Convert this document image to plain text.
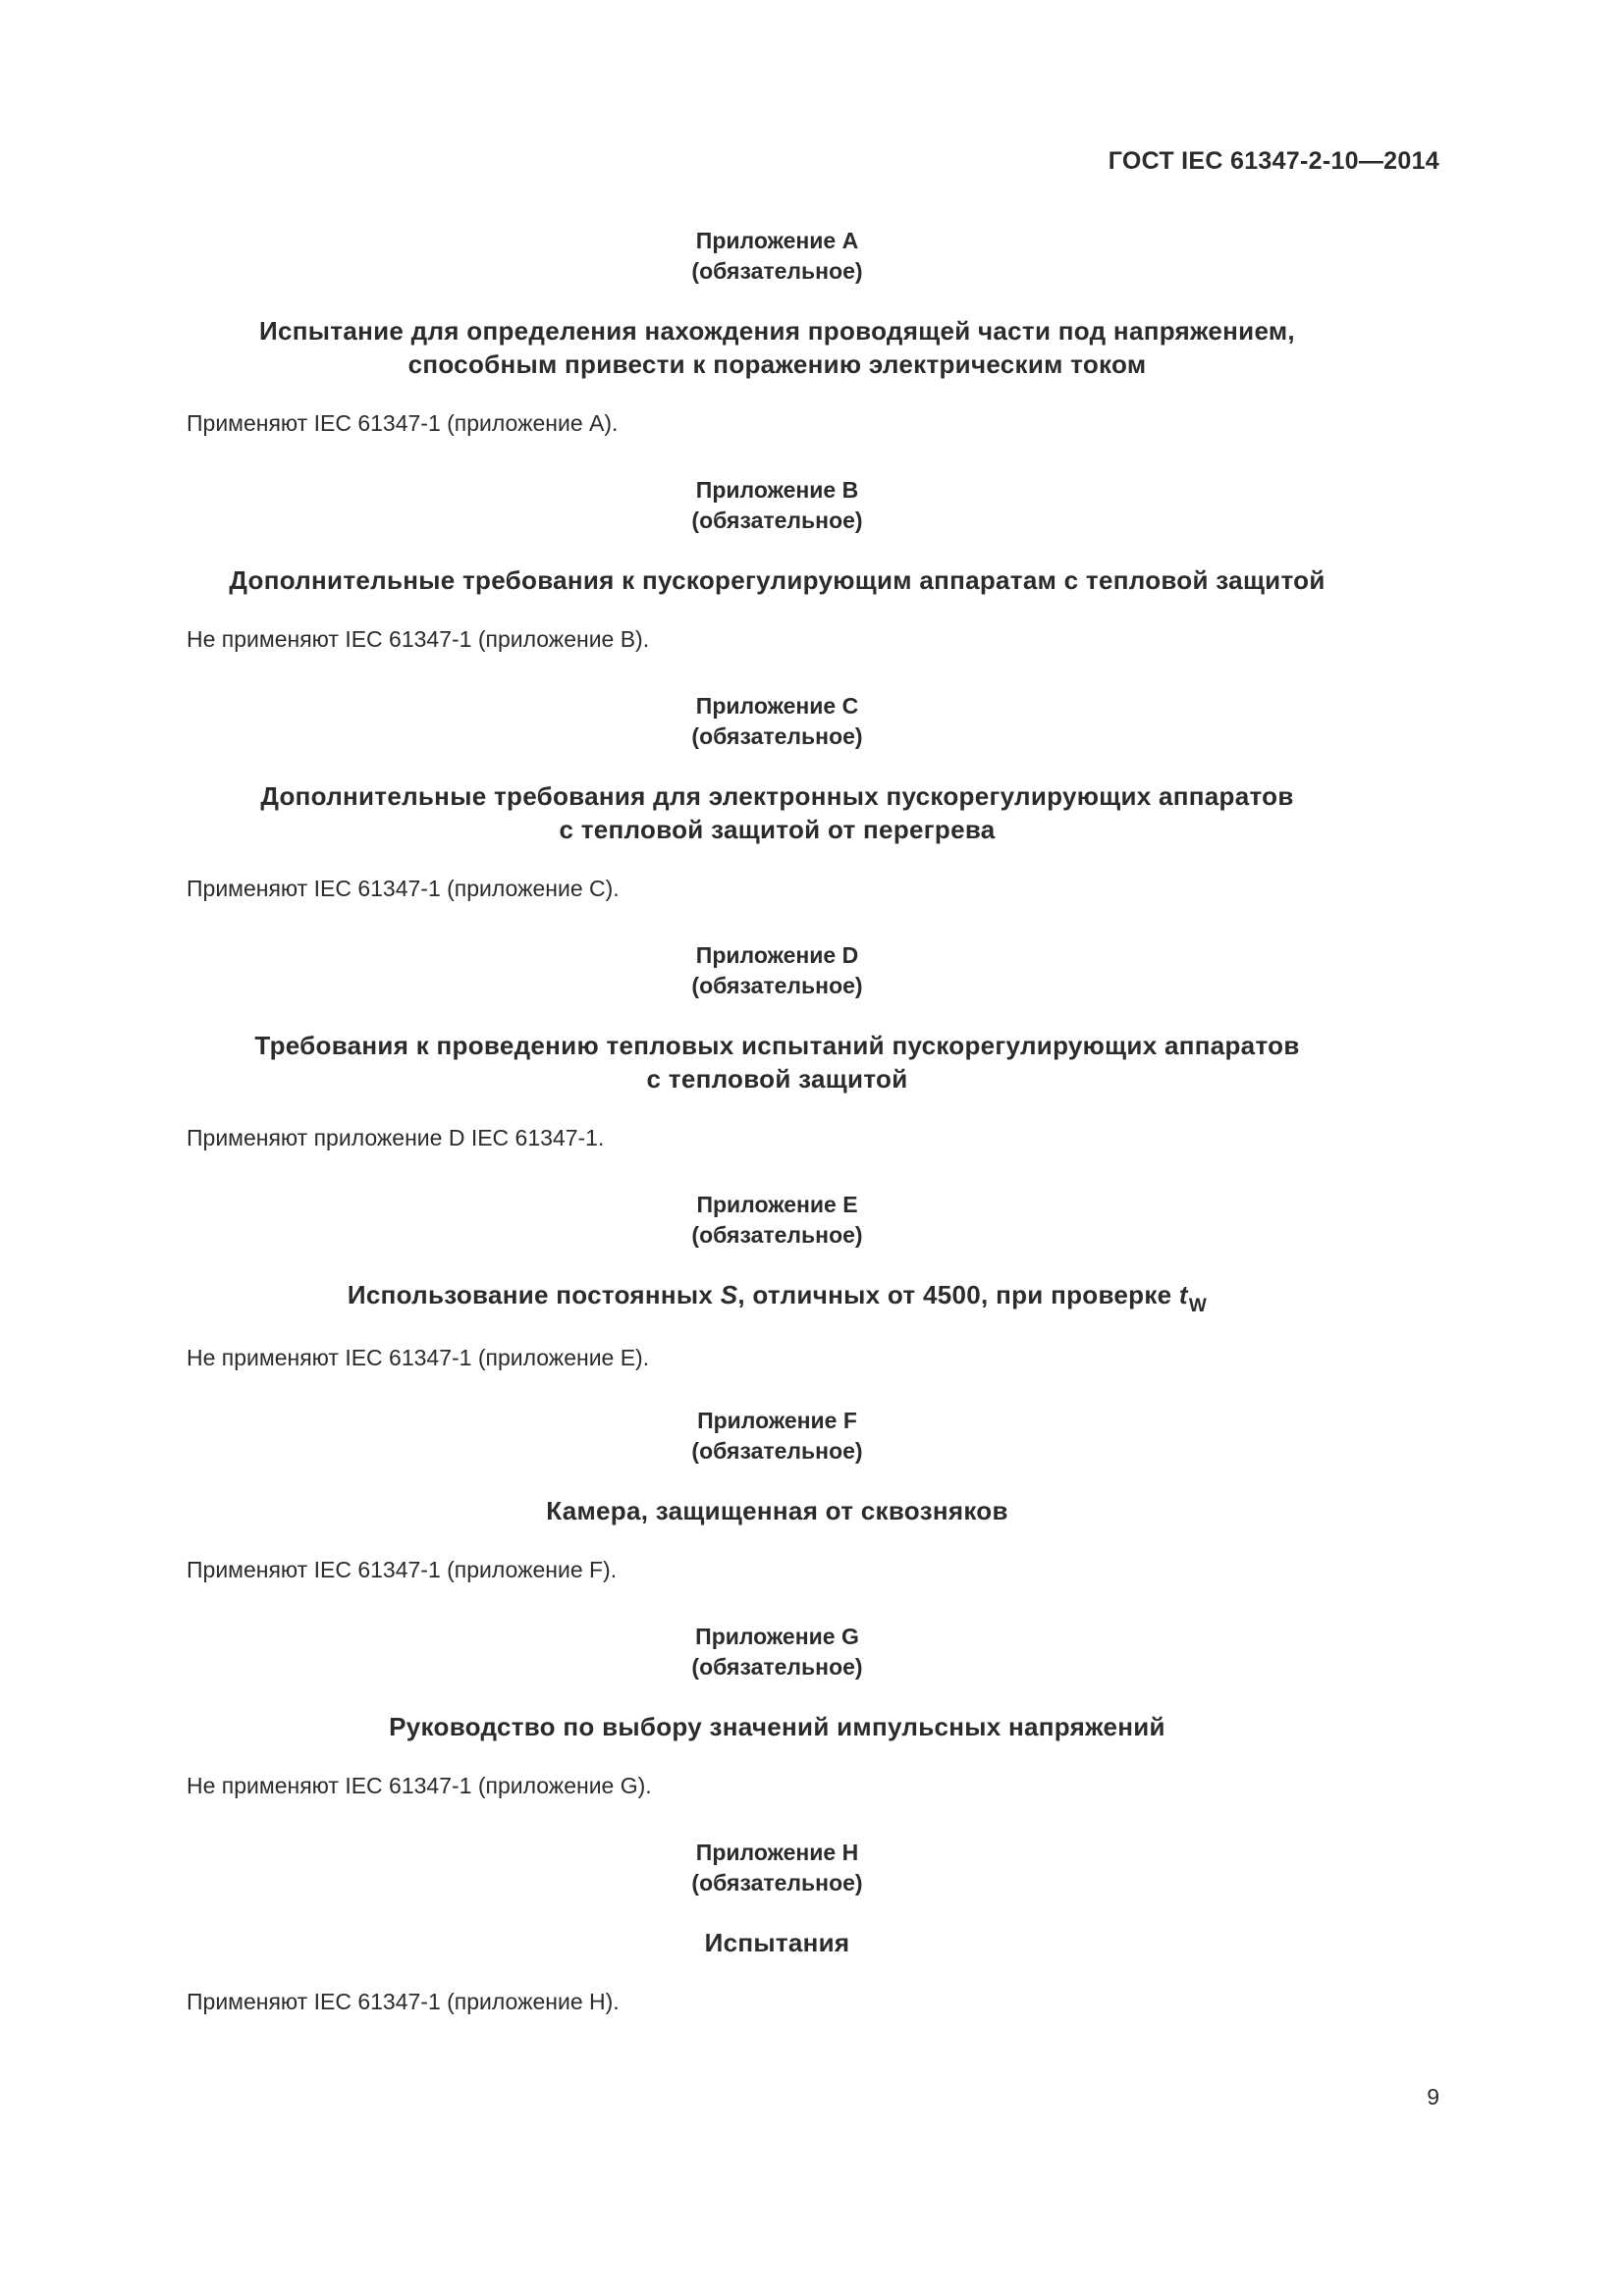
ГОСТ IEC 61347-2-10—2014
Приложение A
(обязательное)
Испытание для определения нахождения проводящей части под напряжением,
способным привести к поражению электрическим током
Применяют IEC 61347-1 (приложение A).
Приложение B
(обязательное)
Дополнительные требования к пускорегулирующим аппаратам с тепловой защитой
Не применяют IEC 61347-1 (приложение B).
Приложение C
(обязательное)
Дополнительные требования для электронных пускорегулирующих аппаратов
с тепловой защитой от перегрева
Применяют IEC 61347-1 (приложение C).
Приложение D
(обязательное)
Требования к проведению тепловых испытаний пускорегулирующих аппаратов
с тепловой защитой
Применяют приложение D IEC 61347-1.
Приложение E
(обязательное)
Использование постоянных S, отличных от 4500, при проверке $t_W$
Не применяют IEC 61347-1 (приложение E).
Приложение F
(обязательное)
Камера, защищенная от сквозняков
Применяют IEC 61347-1 (приложение F).
Приложение G
(обязательное)
Руководство по выбору значений импульсных напряжений
Не применяют IEC 61347-1 (приложение G).
Приложение H
(обязательное)
Испытания
Применяют IEC 61347-1 (приложение H).
9
